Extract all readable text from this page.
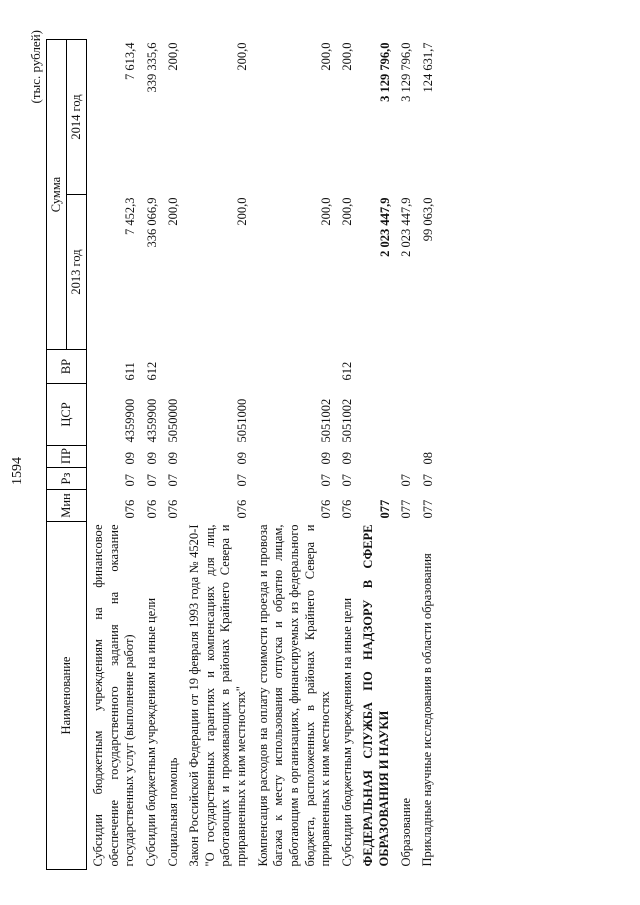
1594
(тыс. рублей)
Наименование	Мин	Рз	ПР	ЦСР	ВР	Сумма	
						2013 год	2014 год
Субсидии бюджетным учреждениям на финансовое обеспечение государственного задания на оказание государственных услуг (выполнение работ)	076	07	09	4359900	611	7 452,3	7 613,4
Субсидии бюджетным учреждениям на иные цели	076	07	09	4359900	612	336 066,9	339 335,6
Социальная помощь	076	07	09	5050000		200,0	200,0
Закон Российской Федерации от 19 февраля 1993 года № 4520-I "О государственных гарантиях и компенсациях для лиц, работающих и проживающих в районах Крайнего Севера и приравненных к ним местностях"	076	07	09	5051000		200,0	200,0
Компенсация расходов на оплату стоимости проезда и провоза багажа к месту использования отпуска и обратно лицам, работающим в организациях, финансируемых из федерального бюджета, расположенных в районах Крайнего Севера и приравненных к ним местностях	076	07	09	5051002		200,0	200,0
Субсидии бюджетным учреждениям на иные цели	076	07	09	5051002	612	200,0	200,0
ФЕДЕРАЛЬНАЯ СЛУЖБА ПО НАДЗОРУ В СФЕРЕ ОБРАЗОВАНИЯ И НАУКИ	077					2 023 447,9	3 129 796,0
Образование	077	07				2 023 447,9	3 129 796,0
Прикладные научные исследования в области образования	077	07	08			99 063,0	124 631,7
